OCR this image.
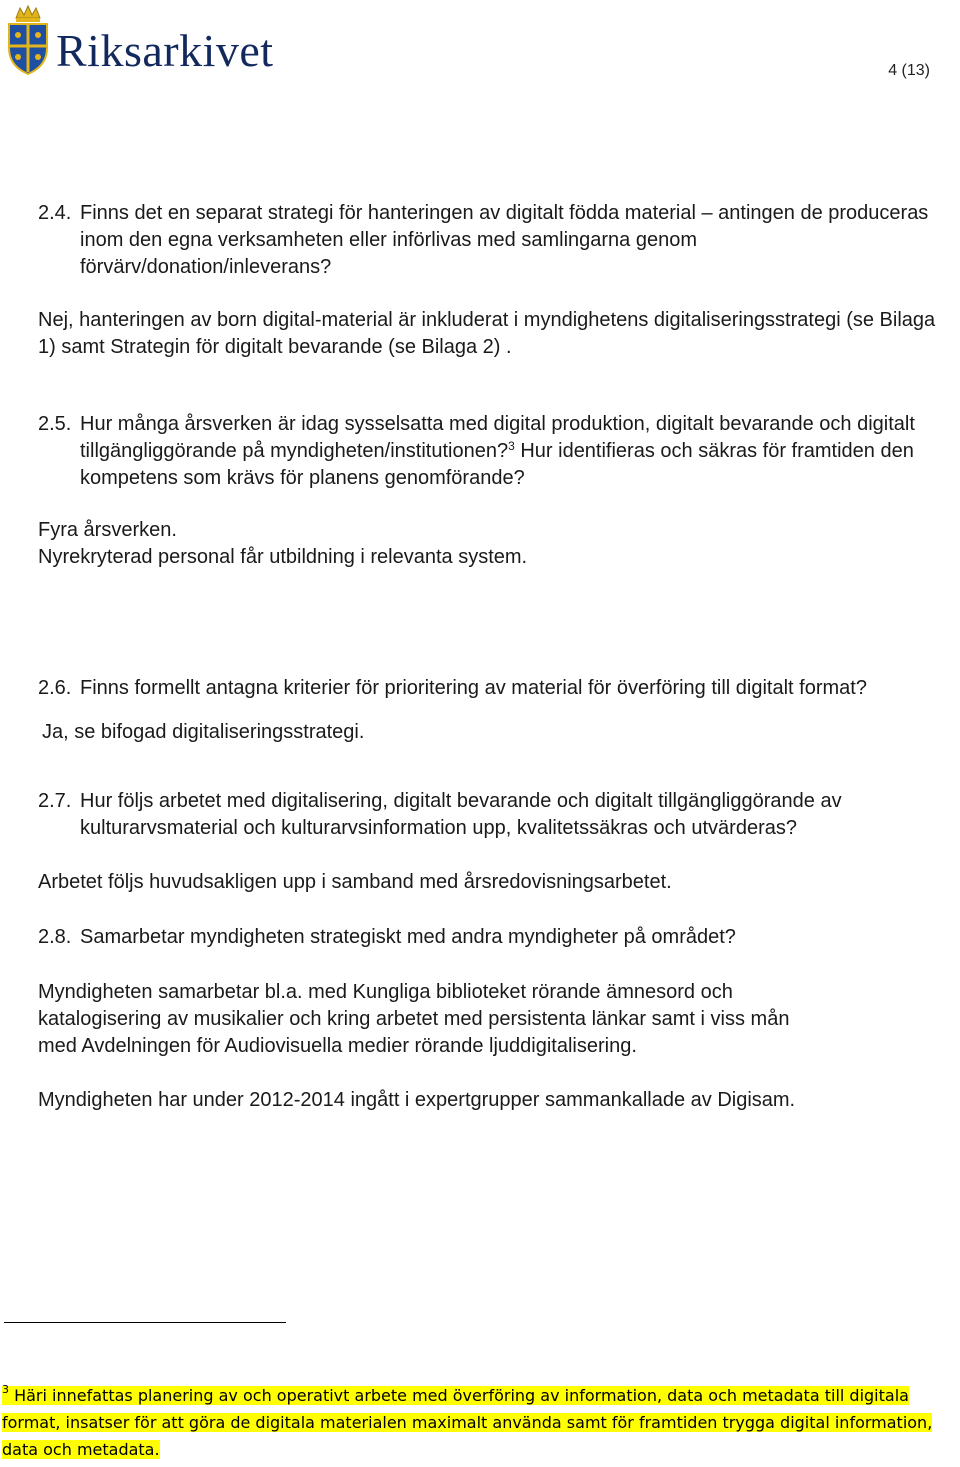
Riksarkivet	4 (13)
2.4. Finns det en separat strategi för hanteringen av digitalt födda material – antingen de produceras inom den egna verksamheten eller införlivas med samlingarna genom förvärv/donation/inleverans?

Nej, hanteringen av born digital-material är inkluderat i myndighetens digitaliseringsstrategi (se Bilaga 1) samt Strategin för digitalt bevarande (se Bilaga 2) .

2.5. Hur många årsverken är idag sysselsatta med digital produktion, digitalt bevarande och digitalt tillgängliggörande på myndigheten/institutionen?$^3$ Hur identifieras och säkras för framtiden den kompetens som krävs för planens genomförande?

Fyra årsverken.

Nyrekryterad personal får utbildning i relevanta system.

2.6. Finns formellt antagna kriterier för prioritering av material för överföring till digitalt format?

Ja, se bifogad digitaliseringsstrategi.

2.7. Hur följs arbetet med digitalisering, digitalt bevarande och digitalt tillgängliggörande av kulturarvsmaterial och kulturarvsinformation upp, kvalitetssäkras och utvärderas?

Arbetet följs huvudsakligen upp i samband med årsredovisningsarbetet.

2.8. Samarbetar myndigheten strategiskt med andra myndigheter på området?

Myndigheten samarbetar bl.a. med Kungliga biblioteket rörande ämnesord och katalogisering av musikalier och kring arbetet med persistenta länkar samt i viss mån med Avdelningen för Audiovisuella medier rörande ljuddigitalisering.

Myndigheten har under 2012-2014 ingått i expertgrupper sammankallade av Digisam.

$^3$ Häri innefattas planering av och operativt arbete med överföring av information, data och metadata till digitala format, insatser för att göra de digitala materialen maximalt använda samt för framtiden trygga digital information, data och metadata.
